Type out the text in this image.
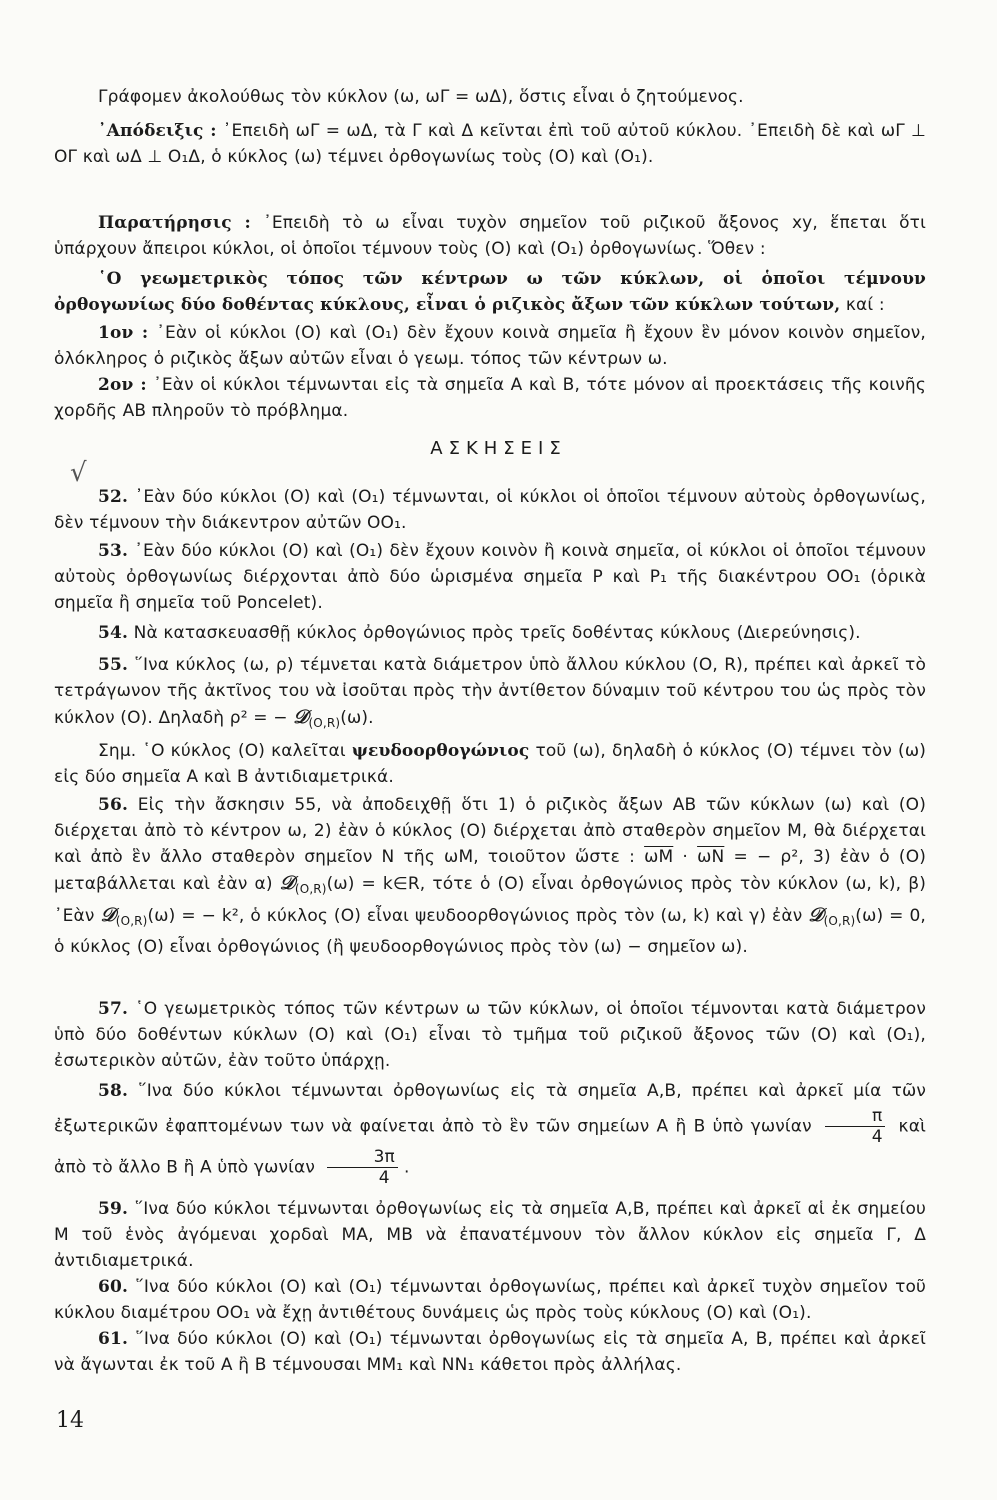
Γράφομεν ἀκολούθως τὸν κύκλον (ω, ωΓ = ωΔ), ὅστις εἶναι ὁ ζητούμενος.
᾿Απόδειξις : ᾿Επειδὴ ωΓ = ωΔ, τὰ Γ καὶ Δ κεῖνται ἐπὶ τοῦ αὐτοῦ κύκλου. ᾿Επειδὴ δὲ καὶ ωΓ ⊥ ΟΓ καὶ ωΔ ⊥ Ο₁Δ, ὁ κύκλος (ω) τέμνει ὀρθογωνίως τοὺς (Ο) καὶ (Ο₁).
Παρατήρησις : ᾿Επειδὴ τὸ ω εἶναι τυχὸν σημεῖον τοῦ ριζικοῦ ἄξονος xy, ἕπεται ὅτι ὑπάρχουν ἄπειροι κύκλοι, οἱ ὁποῖοι τέμνουν τοὺς (Ο) καὶ (Ο₁) ὀρθογωνίως. Ὅθεν :
῾Ο γεωμετρικὸς τόπος τῶν κέντρων ω τῶν κύκλων, οἱ ὁποῖοι τέμνουν ὀρθογωνίως δύο δοθέντας κύκλους, εἶναι ὁ ριζικὸς ἄξων τῶν κύκλων τούτων, καί :
1ον : ᾿Εὰν οἱ κύκλοι (Ο) καὶ (Ο₁) δὲν ἔχουν κοινὰ σημεῖα ἢ ἔχουν ἓν μόνον κοινὸν σημεῖον, ὁλόκληρος ὁ ριζικὸς ἄξων αὐτῶν εἶναι ὁ γεωμ. τόπος τῶν κέντρων ω.
2ον : ᾿Εὰν οἱ κύκλοι τέμνωνται εἰς τὰ σημεῖα Α καὶ Β, τότε μόνον αἱ προεκτάσεις τῆς κοινῆς χορδῆς ΑΒ πληροῦν τὸ πρόβλημα.
ΑΣΚΗΣΕΙΣ
√
52. ᾿Εὰν δύο κύκλοι (Ο) καὶ (Ο₁) τέμνωνται, οἱ κύκλοι οἱ ὁποῖοι τέμνουν αὐτοὺς ὀρθογωνίως, δὲν τέμνουν τὴν διάκεντρον αὐτῶν ΟΟ₁.
53. ᾿Εὰν δύο κύκλοι (Ο) καὶ (Ο₁) δὲν ἔχουν κοινὸν ἢ κοινὰ σημεῖα, οἱ κύκλοι οἱ ὁποῖοι τέμνουν αὐτοὺς ὀρθογωνίως διέρχονται ἀπὸ δύο ὡρισμένα σημεῖα Ρ καὶ Ρ₁ τῆς διακέντρου ΟΟ₁ (ὁρικὰ σημεῖα ἢ σημεῖα τοῦ Poncelet).
54. Νὰ κατασκευασθῇ κύκλος ὀρθογώνιος πρὸς τρεῖς δοθέντας κύκλους (Διερεύνησις).
55. ῞Ινα κύκλος (ω, ρ) τέμνεται κατὰ διάμετρον ὑπὸ ἄλλου κύκλου (Ο, R), πρέπει καὶ ἀρκεῖ τὸ τετράγωνον τῆς ἀκτῖνος του νὰ ἰσοῦται πρὸς τὴν ἀντίθετον δύναμιν τοῦ κέντρου του ὡς πρὸς τὸν κύκλον (Ο). Δηλαδὴ ρ² = − 𝒟$_{(O,R)}$(ω).
Σημ. ῾Ο κύκλος (Ο) καλεῖται ψευδοορθογώνιος τοῦ (ω), δηλαδὴ ὁ κύκλος (Ο) τέμνει τὸν (ω) εἰς δύο σημεῖα Α καὶ Β ἀντιδιαμετρικά.
56. Εἰς τὴν ἄσκησιν 55, νὰ ἀποδειχθῇ ὅτι 1) ὁ ριζικὸς ἄξων ΑΒ τῶν κύκλων (ω) καὶ (Ο) διέρχεται ἀπὸ τὸ κέντρον ω, 2) ἐὰν ὁ κύκλος (Ο) διέρχεται ἀπὸ σταθερὸν σημεῖον Μ, θὰ διέρχεται καὶ ἀπὸ ἓν ἄλλο σταθερὸν σημεῖον Ν τῆς ωΜ, τοιοῦτον ὥστε : $\overline{\omega M} \cdot \overline{\omega N}$ = − ρ², 3) ἐὰν ὁ (Ο) μεταβάλλεται καὶ ἐὰν α) 𝒟$_{(O,R)}$(ω) = k∈R, τότε ὁ (Ο) εἶναι ὀρθογώνιος πρὸς τὸν κύκλον (ω, k), β) ᾿Εὰν 𝒟$_{(O,R)}$(ω) = − k², ὁ κύκλος (Ο) εἶναι ψευδοορθογώνιος πρὸς τὸν (ω, k) καὶ γ) ἐὰν 𝒟$_{(O,R)}$(ω) = 0, ὁ κύκλος (Ο) εἶναι ὀρθογώνιος (ἢ ψευδοορθογώνιος πρὸς τὸν (ω) − σημεῖον ω).
57. ῾Ο γεωμετρικὸς τόπος τῶν κέντρων ω τῶν κύκλων, οἱ ὁποῖοι τέμνονται κατὰ διάμετρον ὑπὸ δύο δοθέντων κύκλων (Ο) καὶ (Ο₁) εἶναι τὸ τμῆμα τοῦ ριζικοῦ ἄξονος τῶν (Ο) καὶ (Ο₁), ἐσωτερικὸν αὐτῶν, ἐὰν τοῦτο ὑπάρχῃ.
58. ῞Ινα δύο κύκλοι τέμνωνται ὀρθογωνίως εἰς τὰ σημεῖα Α,Β, πρέπει καὶ ἀρκεῖ μία τῶν ἐξωτερικῶν ἐφαπτομένων των νὰ φαίνεται ἀπὸ τὸ ἓν τῶν σημείων Α ἢ Β ὑπὸ γωνίαν $\frac{\pi}{4}$ καὶ ἀπὸ τὸ ἄλλο Β ἢ Α ὑπὸ γωνίαν $\frac{3\pi}{4}$ .
59. ῞Ινα δύο κύκλοι τέμνωνται ὀρθογωνίως εἰς τὰ σημεῖα Α,Β, πρέπει καὶ ἀρκεῖ αἱ ἐκ σημείου Μ τοῦ ἑνὸς ἀγόμεναι χορδαὶ ΜΑ, ΜΒ νὰ ἐπανατέμνουν τὸν ἄλλον κύκλον εἰς σημεῖα Γ, Δ ἀντιδιαμετρικά.
60. ῞Ινα δύο κύκλοι (Ο) καὶ (Ο₁) τέμνωνται ὀρθογωνίως, πρέπει καὶ ἀρκεῖ τυχὸν σημεῖον τοῦ κύκλου διαμέτρου ΟΟ₁ νὰ ἔχῃ ἀντιθέτους δυνάμεις ὡς πρὸς τοὺς κύκλους (Ο) καὶ (Ο₁).
61. ῞Ινα δύο κύκλοι (Ο) καὶ (Ο₁) τέμνωνται ὀρθογωνίως εἰς τὰ σημεῖα Α, Β, πρέπει καὶ ἀρκεῖ νὰ ἄγωνται ἐκ τοῦ Α ἢ Β τέμνουσαι ΜΜ₁ καὶ ΝΝ₁ κάθετοι πρὸς ἀλλήλας.
14
